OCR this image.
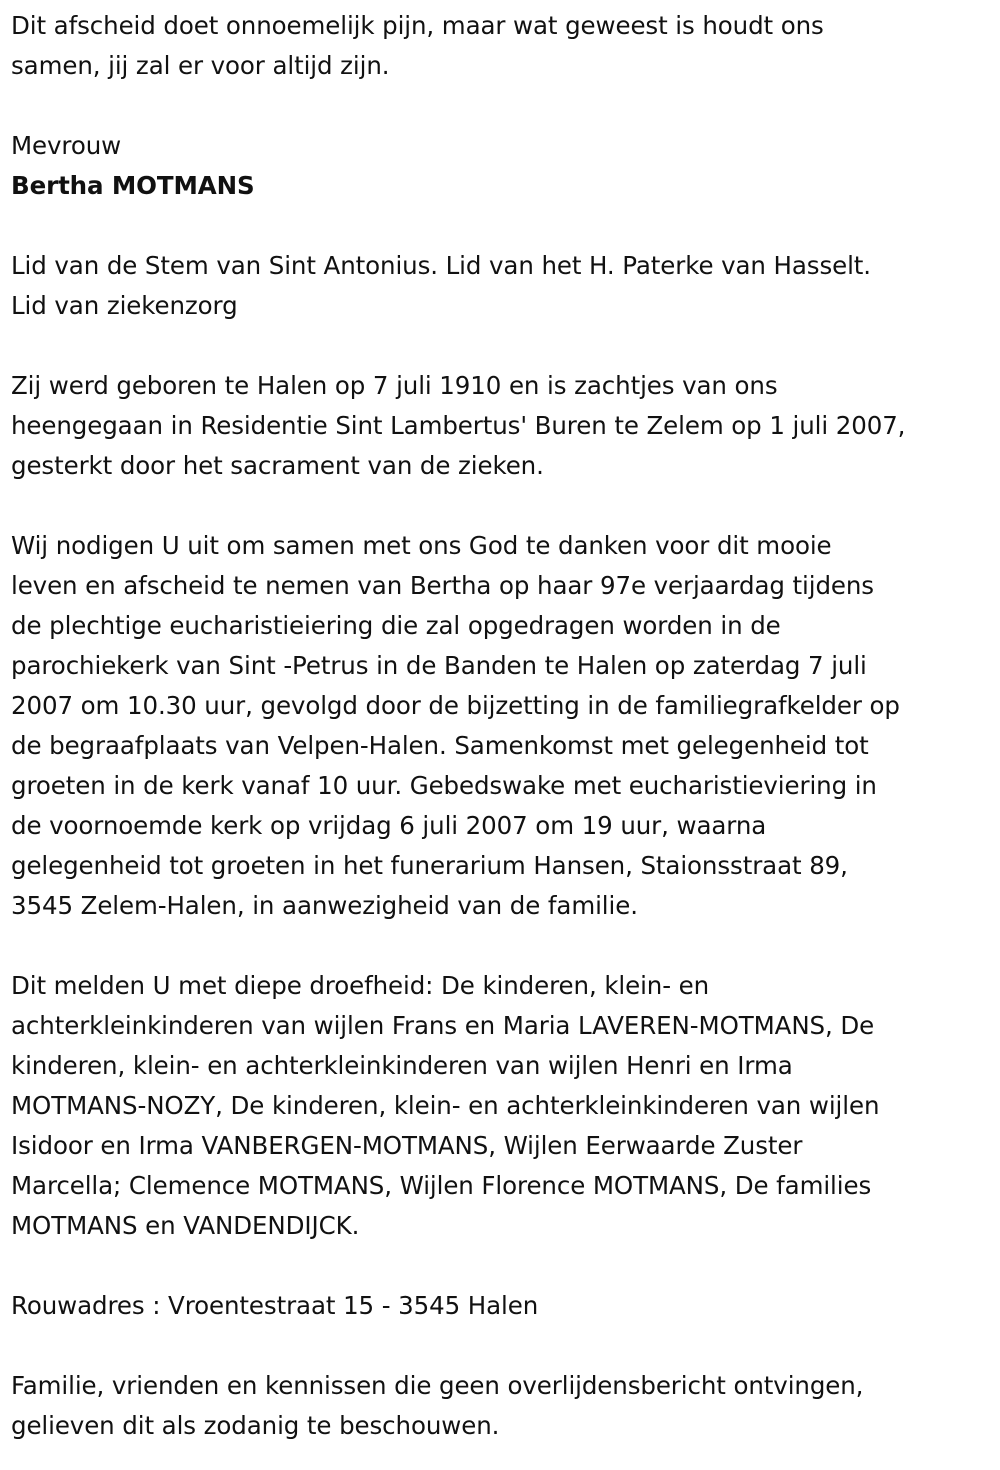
Dit afscheid doet onnoemelijk pijn, maar wat geweest is houdt ons
samen, jij zal er voor altijd zijn.
Mevrouw
Bertha MOTMANS
Lid van de Stem van Sint Antonius. Lid van het H. Paterke van Hasselt.
Lid van ziekenzorg
Zij werd geboren te Halen op 7 juli 1910 en is zachtjes van ons
heengegaan in Residentie Sint Lambertus' Buren te Zelem op 1 juli 2007,
gesterkt door het sacrament van de zieken.
Wij nodigen U uit om samen met ons God te danken voor dit mooie
leven en afscheid te nemen van Bertha op haar 97e verjaardag tijdens
de plechtige eucharistieiering die zal opgedragen worden in de
parochiekerk van Sint -Petrus in de Banden te Halen op zaterdag 7 juli
2007 om 10.30 uur, gevolgd door de bijzetting in de familiegrafkelder op
de begraafplaats van Velpen-Halen. Samenkomst met gelegenheid tot
groeten in de kerk vanaf 10 uur. Gebedswake met eucharistieviering in
de voornoemde kerk op vrijdag 6 juli 2007 om 19 uur, waarna
gelegenheid tot groeten in het funerarium Hansen, Staionsstraat 89,
3545 Zelem-Halen, in aanwezigheid van de familie.
Dit melden U met diepe droefheid: De kinderen, klein- en
achterkleinkinderen van wijlen Frans en Maria LAVEREN-MOTMANS, De
kinderen, klein- en achterkleinkinderen van wijlen Henri en Irma
MOTMANS-NOZY, De kinderen, klein- en achterkleinkinderen van wijlen
Isidoor en Irma VANBERGEN-MOTMANS, Wijlen Eerwaarde Zuster
Marcella; Clemence MOTMANS, Wijlen Florence MOTMANS, De families
MOTMANS en VANDENDIJCK.
Rouwadres : Vroentestraat 15 - 3545 Halen
Familie, vrienden en kennissen die geen overlijdensbericht ontvingen,
gelieven dit als zodanig te beschouwen.
